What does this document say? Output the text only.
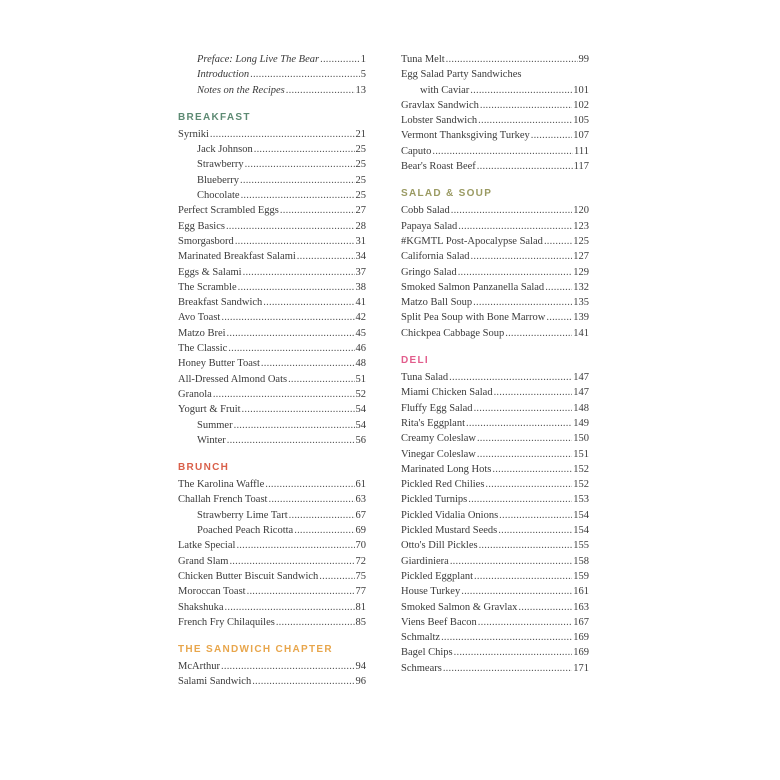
Preface: Long Live The Bear . . .	1
Introduction . . .	5
Notes on the Recipes . . .	13
BREAKFAST
Syrniki . . .	21
Jack Johnson . . .	25
Strawberry . . .	25
Blueberry . . .	25
Chocolate . . .	25
Perfect Scrambled Eggs . . .	27
Egg Basics . . .	28
Smorgasbord . . .	31
Marinated Breakfast Salami . . .	34
Eggs & Salami . . .	37
The Scramble . . .	38
Breakfast Sandwich . . .	41
Avo Toast . . .	42
Matzo Brei . . .	45
The Classic . . .	46
Honey Butter Toast . . .	48
All-Dressed Almond Oats . . .	51
Granola . . .	52
Yogurt & Fruit . . .	54
Summer . . .	54
Winter . . .	56
BRUNCH
The Karolina Waffle . . .	61
Challah French Toast . . .	63
Strawberry Lime Tart . . .	67
Poached Peach Ricotta . . .	69
Latke Special . . .	70
Grand Slam . . .	72
Chicken Butter Biscuit Sandwich . . .	75
Moroccan Toast . . .	77
Shakshuka . . .	81
French Fry Chilaquiles . . .	85
THE SANDWICH CHAPTER
McArthur . . .	94
Salami Sandwich . . .	96
Tuna Melt . . .	99
Egg Salad Party Sandwiches
with Caviar . . .	101
Gravlax Sandwich . . .	102
Lobster Sandwich . . .	105
Vermont Thanksgiving Turkey . . .	107
Caputo . . .	111
Bear's Roast Beef . . .	117
SALAD & SOUP
Cobb Salad . . .	120
Papaya Salad . . .	123
#KGMTL Post-Apocalypse Salad . . .	125
California Salad . . .	127
Gringo Salad . . .	129
Smoked Salmon Panzanella Salad . . .	132
Matzo Ball Soup . . .	135
Split Pea Soup with Bone Marrow . . .	139
Chickpea Cabbage Soup . . .	141
DELI
Tuna Salad . . .	147
Miami Chicken Salad . . .	147
Fluffy Egg Salad . . .	148
Rita's Eggplant . . .	149
Creamy Coleslaw . . .	150
Vinegar Coleslaw . . .	151
Marinated Long Hots . . .	152
Pickled Red Chilies . . .	152
Pickled Turnips . . .	153
Pickled Vidalia Onions . . .	154
Pickled Mustard Seeds . . .	154
Otto's Dill Pickles . . .	155
Giardiniera . . .	158
Pickled Eggplant . . .	159
House Turkey . . .	161
Smoked Salmon & Gravlax . . .	163
Viens Beef Bacon . . .	167
Schmaltz . . .	169
Bagel Chips . . .	169
Schmears . . .	171
